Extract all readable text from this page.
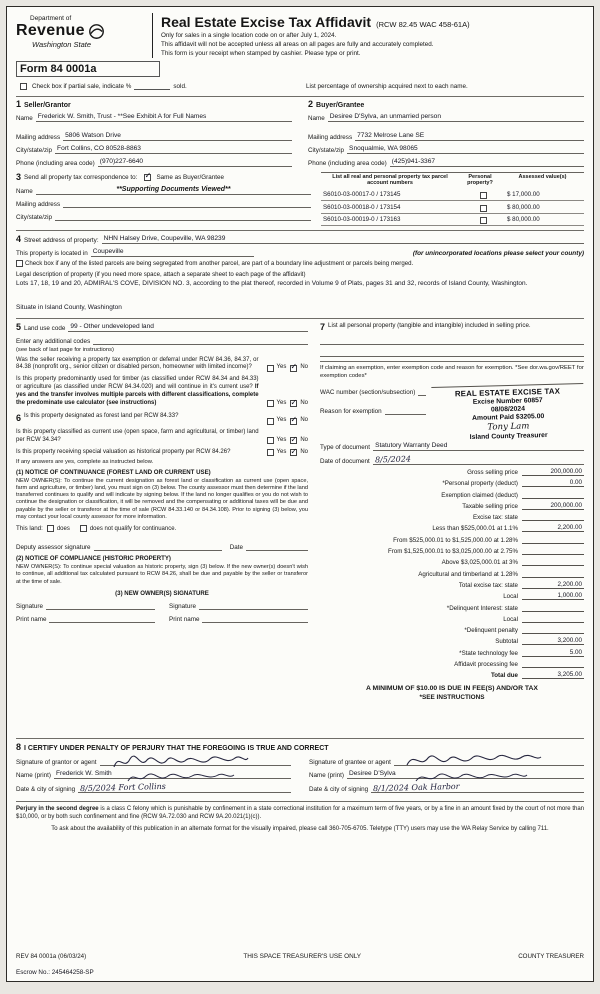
Department of
Revenue
Washington State
Real Estate Excise Tax Affidavit (RCW 82.45 WAC 458-61A)
Only for sales in a single location code on or after July 1, 2024.
This affidavit will not be accepted unless all areas on all pages are fully and accurately completed.
This form is your receipt when stamped by cashier. Please type or print.
Form 84 0001a
Check box if partial sale, indicate %	sold.	List percentage of ownership acquired next to each name.
1 Seller/Grantor
Name Frederick W. Smith, Trust - **See Exhibit A for Full Names
Mailing address 5806 Watson Drive
City/state/zip Fort Collins, CO 80528-8863
Phone (including area code) (970)227-6640
2 Buyer/Grantee
Name Desiree D'Sylva, an unmarried person
Mailing address 7732 Melrose Lane SE
City/state/zip Snoqualmie, WA 98065
Phone (including area code) (425)941-3367
3 Send all property tax correspondence to: ✓ Same as Buyer/Grantee
Name	**Supporting Documents Viewed**
Mailing address
City/state/zip
List all real and personal property tax parcel account numbers
Personal property?
Assessed value(s)
S6010-03-00017-0 / 173145	$ 17,000.00
S6010-03-00018-0 / 173154	$ 80,000.00
S6010-03-00019-0 / 173163	$ 80,000.00
4 Street address of property: NHN Halsey Drive, Coupeville, WA 98239
This property is located in Coupeville	(for unincorporated locations please select your county)
Check box if any of the listed parcels are being segregated from another parcel, are part of a boundary line adjustment or parcels being merged.
Legal description of property (if you need more space, attach a separate sheet to each page of the affidavit)
Lots 17, 18, 19 and 20, ADMIRAL'S COVE, DIVISION NO. 3, according to the plat thereof, recorded in Volume 9 of Plats, pages 31 and 32, records of Island County, Washington.
Situate in Island County, Washington
5 Land use code 99 - Other undeveloped land
Enter any additional codes
(see back of last page for instructions)
Was the seller receiving a property tax exemption or deferral under RCW 84.36, 84.37, or 84.38 (nonprofit org., senior citizen or disabled person, homeowner with limited income)?	Yes ✓ No
Is this property predominantly used for timber (as classified under RCW 84.34 and 84.33) or agriculture (as classified under RCW 84.34.020) and will continue in it's current use? If yes and the transfer involves multiple parcels with different classifications, complete the predominate use calculator (see instructions)	Yes ✓ No
6 Is this property designated as forest land per RCW 84.33?
Yes ✓ No
Is this property classified as current use (open space, farm and agricultural, or timber) land per RCW 34.34?	Yes ✓ No
Is this property receiving special valuation as historical property per RCW 84.26?	Yes ✓ No
If any answers are yes, complete as instructed below.
(1) NOTICE OF CONTINUANCE (FOREST LAND OR CURRENT USE)
NEW OWNER(S): To continue the current designation as forest land or classification as current use (open space, farm and agriculture, or timber) land, you must sign on (3) below. The county assessor must then determine if the land transferred continues to qualify and will indicate by signing below. If the land no longer qualifies or you do not wish to continue the designation or classification, it will be removed and the compensating or additional taxes will be due and payable by the seller or transferor at the time of sale (RCW 84.33.140 or 84.34.108). Prior to signing (3) below, you may contact your local county assessor for more information.
This land: does	does not qualify for continuance.
Deputy assessor signature	Date
(2) NOTICE OF COMPLIANCE (HISTORIC PROPERTY)
NEW OWNER(S): To continue special valuation as historic property, sign (3) below. If the new owner(s) doesn't wish to continue, all additional tax calculated pursuant to RCW 84.26, shall be due and payable by the seller or transferor at the time of sale.
(3) NEW OWNER(S) SIGNATURE
Signature	Signature
Print name	Print name
7 List all personal property (tangible and intangible) included in selling price.
If claiming an exemption, enter exemption code and reason for exemption. *See dor.wa.gov/REET for exemption codes*
WAC number (section/subsection)
Reason for exemption
REAL ESTATE EXCISE TAX
Excise Number 60857
08/08/2024
Amount Paid $3205.00
Tony Lam
Island County Treasurer
Type of document Statutory Warranty Deed
Date of document 8/5/2024
Gross selling price	200,000.00
*Personal property (deduct)	0.00
Exemption claimed (deduct)
Taxable selling price	200,000.00
Excise tax: state
Less than $525,000.01 at 1.1%	2,200.00
From $525,000.01 to $1,525,000.00 at 1.28%
From $1,525,000.01 to $3,025,000.00 at 2.75%
Above $3,025,000.01 at 3%
Agricultural and timberland at 1.28%
Total excise tax: state	2,200.00
Local	1,000.00
*Delinquent Interest: state
Local
*Delinquent penalty
Subtotal	3,200.00
*State technology fee	5.00
Affidavit processing fee
Total due	3,205.00
A MINIMUM OF $10.00 IS DUE IN FEE(S) AND/OR TAX
*SEE INSTRUCTIONS
8 I CERTIFY UNDER PENALTY OF PERJURY THAT THE FOREGOING IS TRUE AND CORRECT
Signature of grantor or agent
Name (print) Frederick W. Smith
Date & city of signing 8/5/2024 Fort Collins
Signature of grantee or agent
Name (print) Desiree D'Sylva
Date & city of signing 8/1/2024 Oak Harbor
Perjury in the second degree is a class C felony which is punishable by confinement in a state correctional institution for a maximum term of five years, or by a fine in an amount fixed by the court of not more than $10,000, or by both such confinement and fine (RCW 9A.72.030 and RCW 9A.20.021(1)(c)).
To ask about the availability of this publication in an alternate format for the visually impaired, please call 360-705-6705. Teletype (TTY) users may use the WA Relay Service by calling 711.
REV 84 0001a (06/03/24)	THIS SPACE TREASURER'S USE ONLY	COUNTY TREASURER
Escrow No.: 245464258-SP
